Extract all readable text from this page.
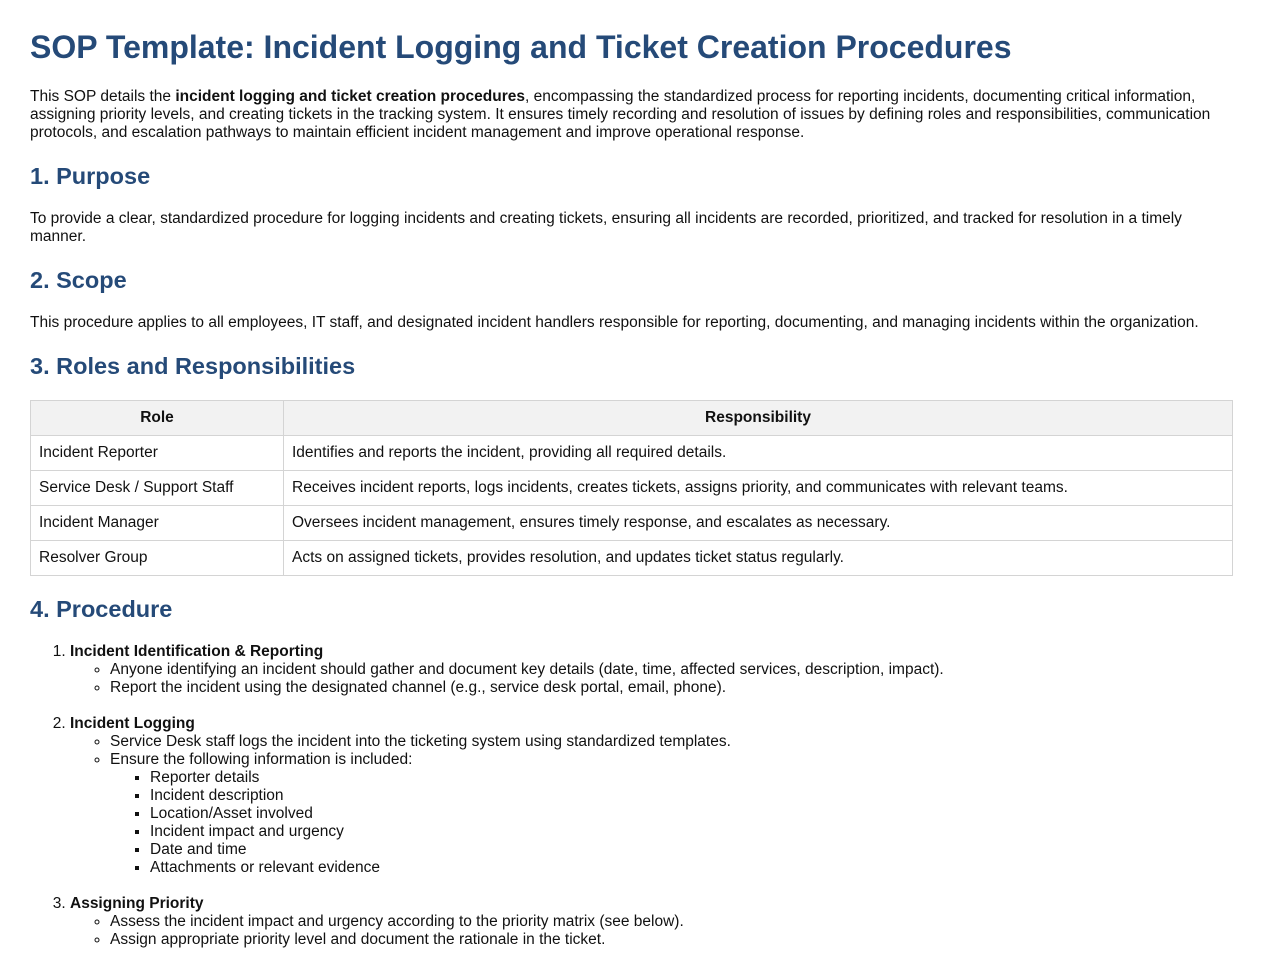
SOP Template: Incident Logging and Ticket Creation Procedures

This SOP details the incident logging and ticket creation procedures, encompassing the standardized process for reporting incidents, documenting critical information, assigning priority levels, and creating tickets in the tracking system. It ensures timely recording and resolution of issues by defining roles and responsibilities, communication protocols, and escalation pathways to maintain efficient incident management and improve operational response.

1. Purpose

To provide a clear, standardized procedure for logging incidents and creating tickets, ensuring all incidents are recorded, prioritized, and tracked for resolution in a timely manner.

2. Scope

This procedure applies to all employees, IT staff, and designated incident handlers responsible for reporting, documenting, and managing incidents within the organization.

3. Roles and Responsibilities
Role	Responsibility
Incident Reporter	Identifies and reports the incident, providing all required details.
Service Desk / Support Staff	Receives incident reports, logs incidents, creates tickets, assigns priority, and communicates with relevant teams.
Incident Manager	Oversees incident management, ensures timely response, and escalates as necessary.
Resolver Group	Acts on assigned tickets, provides resolution, and updates ticket status regularly.
4. Procedure
1. Incident Identification & Reporting
◦ Anyone identifying an incident should gather and document key details (date, time, affected services, description, impact).
◦ Report the incident using the designated channel (e.g., service desk portal, email, phone).
2. Incident Logging
◦ Service Desk staff logs the incident into the ticketing system using standardized templates.
◦ Ensure the following information is included:
▪ Reporter details
▪ Incident description
▪ Location/Asset involved
▪ Incident impact and urgency
▪ Date and time
▪ Attachments or relevant evidence
3. Assigning Priority
◦ Assess the incident impact and urgency according to the priority matrix (see below).
◦ Assign appropriate priority level and document the rationale in the ticket.
